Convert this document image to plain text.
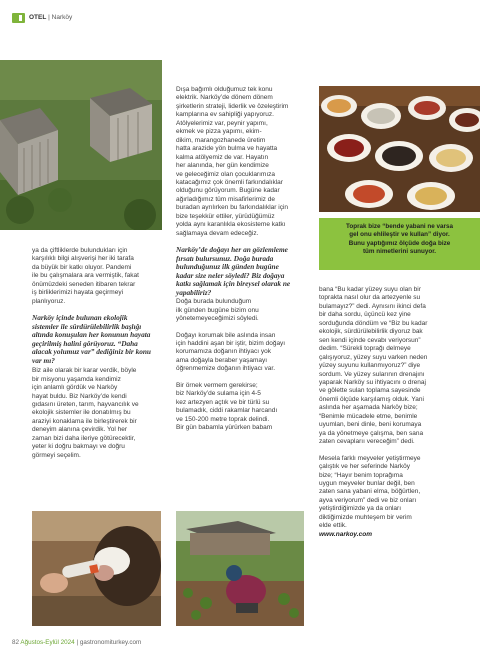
OTEL | Narköy

ya da çiftliklerde bulundukları için
karşılıklı bilgi alışverişi her iki tarafa
da büyük bir katkı oluyor. Pandemi
ile bu çalışmalara ara vermiştik, fakat
önümüzdeki seneden itibaren tekrar
iş birliklerimizi hayata geçirmeyi
planlıyoruz.

Narköy içinde bulunan ekolojik
sistemler ile sürdürülebilirlik başlığı
altında konuşulan her konunun hayata
geçirilmiş halini görüyoruz. “Daha
alacak yolumuz var” dediğiniz bir konu
var mı?

Biz aile olarak bir karar verdik, böyle
bir misyonu yaşamda kendimiz
için anlamlı gördük ve Narköy
hayat buldu. Biz Narköy’de kendi
gıdasını üreten, tarım, hayvancılık ve
ekolojik sistemler ile donatılmış bu
araziyi konaklama ile birleştirerek bir
deneyim alanına çevirdik. Yol her
zaman bizi daha ileriye götürecektir,
yeter ki doğru bakmayı ve doğru
görmeyi seçelim.

Dışa bağımlı olduğumuz tek konu
elektrik. Narköy’de dönem dönem
şirketlerin strateji, liderlik ve özeleştirim
kamplarına ev sahipliği yapıyoruz.
Atölyelerimiz var, peynir yapımı,
ekmek ve pizza yapımı, ekim-
dikim, marangozhanede üretim
hatta arazide yön bulma ve hayatta
kalma atölyemiz de var. Hayatın
her alanında, her gün kendimize
ve geleceğimiz olan çocuklarımıza
katacağımız çok önemli farkındalıklar
olduğunu görüyorum. Bugüne kadar
ağırladığımız tüm misafirlerimiz de
buradan ayrılırken bu farkındalıklar için
bize teşekkür ettiler, yürüdüğümüz
yolda aynı karanlıkla ekosisteme katkı
sağlamaya devam edeceğiz.

Narköy’de doğayı her an gözlemleme
fırsatı bulursunuz. Doğa burada
bulunduğunuz ilk günden bugüne
kadar size neler söyledi? Biz doğaya
katkı sağlamak için bireysel olarak ne
yapabiliriz?

Doğa burada bulunduğum
ilk günden bugüne bizim onu
yönetemeyeceğimizi söyledi.

Doğayı korumak bile aslında insan
için haddini aşan bir iştir, bizim doğayı
korumamıza doğanın ihtiyacı yok
ama doğayla beraber yaşamayı
öğrenmemize doğanın ihtiyacı var.

Bir örnek vermem gerekirse;
biz Narköy’de sulama için 4-5
kez artezyen açtık ve bir türlü su
bulamadık, ciddi rakamlar harcandı
ve 150-200 metre toprak delindi.
Bir gün babamla yürürken babam

Toprak bize “bende yabani ne varsa
gel onu ehlileştir ve kullan” diyor.
Bunu yaptığımız ölçüde doğa bize
tüm nimetlerini sunuyor.

bana “Bu kadar yüzey suyu olan bir
toprakta nasıl olur da artezyenle su
bulamayız?” dedi. Aynısını ikinci defa
bir daha sordu, üçüncü kez yine
sorduğunda döndüm ve “Biz bu kadar
ekolojik, sürdürülebilirlik diyoruz bak
sen kendi içinde cevabı veriyorsun”
dedim. “Sürekli toprağı delmeye
çalışıyoruz, yüzey suyu varken neden
yüzey suyunu kullanmıyoruz?” diye
sordum. Ve yüzey sularının drenajını
yaparak Narköy su ihtiyacını o drenaj
ve gölette sulan toplama sayesinde
önemli ölçüde karşılamış olduk. Yani
aslında her aşamada Narköy bize;
“Benimle mücadele etme, benimle
uyumlan, beni dinle, beni korumaya
ya da yönetmeye çalışma, ben sana
zaten cevaplarıı vereceğim” dedi.

Mesela farklı meyveler yetiştirmeye
çalıştık ve her seferinde Narköy
bize; “Hayır benim toprağıma
uygun meyveler bunlar değil, ben
zaten sana yabani elma, böğürtlen,
ayva veriyorum” dedi ve biz onları
yetiştirdiğimizde ya da onları
diktiğimizde muhteşem bir verim
elde ettik.

www.narkoy.com

82 Ağustos-Eylül 2024 | gastronomiturkey.com
